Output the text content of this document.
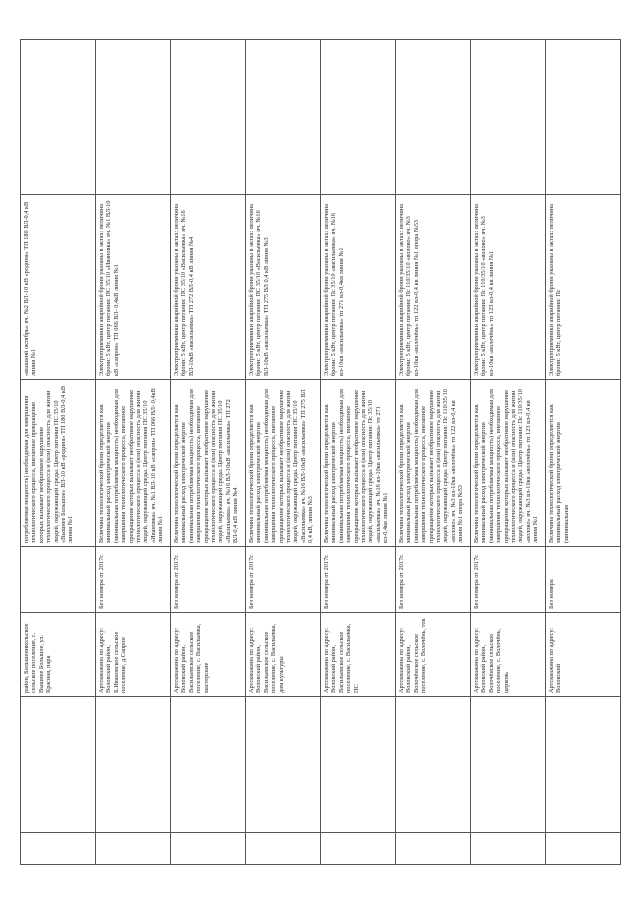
		район, Большеникольское сельское поселение, с. Вышнее Большое, ул. Красная, парк		потребляемая мощность) необходимая для завершения технологического процесса, внезапное прекращение которых вызывает необратимое нарушение технологического процесса и (или) опасность для жизни людей, окружающей среды. Центр питания ПС 35/10 «Вышнее Большое» ВЛ-10 кВ «родина» ТП 180 ВЛ-0,4 кВ линия №1	«вышний октябрь» яч. №2 ВЛ-10 кВ «родина» ТП 180 ВЛ-0,4 кВ линия №1	
		Артскважина по адресу: Воловский район, Б.Ивановское сельское поселение, д.Сапрон	Без номера от 2017г.	Величина технологической брони определяется как минимальный расход электрической энергии (минимальная потребляемая мощность) необходимая для завершения технологического процесса, внезапное прекращение которых вызывает необратимое нарушение технологического процесса и (или) опасность для жизни людей, окружающей среды. Центр питания ПС 35/10 «Ивановка» яч. №1 ВЛ-10 кВ «сапрон» ТП 066 ВЛ- 0,4кВ линия №1	Электроприемники аварийной брони указаны в актах: величина брони: 5 кВт, центр питания: ПС 35/10 «Ивановка» яч. №1 ВЛ-10 кВ «сапрон» ТП 066 ВЛ- 0,4кВ линия №1	
		Артскважина по адресу: Воловский район, Васильевское сельское поселение, с. Васильевка, мастерские	Без номера от 2017г.	Величина технологической брони определяется как минимальный расход электрической энергии (минимальная потребляемая мощность) необходимая для завершения технологического процесса, внезапное прекращение которых вызывает необратимое нарушение технологического процесса и (или) опасность для жизни людей, окружающей среды. Центр питания ПС 35/10 «Васильевка» яч. №16 ВЛ-10кВ «васильевка» ТП 272 ВЛ-0,4 кВ линия №4	Электроприемники аварийной брони указаны в актах: величина брони: 5 кВт, центр питания: ПС 35/10 «Васильевка» яч. №16 ВЛ-10кВ «васильевка» ТП 272 ВЛ-0,4 кВ линия №4	
		Артскважина по адресу: Воловский район, Васильевское сельское поселение, с. Васильевка, дом культуры	Без номера от 2017г.	Величина технологической брони определяется как минимальный расход электрической энергии (минимальная потребляемая мощность) необходимая для завершения технологического процесса, внезапное прекращение которых вызывает необратимое нарушение технологического процесса и (или) опасность для жизни людей, окружающей среды. Центр питания ПС 35/10 «Васильевка» яч. №16 ВЛ-10кВ «васильевка» ТП 275 ВЛ 0,4 кВ, линия №3	Электроприемники аварийной брони указаны в актах: величина брони: 5 кВт, центр питания: ПС 35/10 «Васильевка» яч. №16 ВЛ-10кВ «васильевка» ТП 275 ВЛ 0,4 кВ линия №3	
		Артскважина по адресу: Воловский район, Васильевское сельское поселение, с. Васильевка, ПС	Без номера от 2017г.	Величина технологической брони определяется как минимальный расход электрической энергии (минимальная потребляемая мощность) необходимая для завершения технологического процесса, внезапное прекращение которых вызывает необратимое нарушение технологического процесса и (или) опасность для жизни людей, окружающей среды. Центр питания: Пс 35/10 «васильевка» яч. №16 вл-10кв «васильевка» тп 271 вл-0,4кв линия №1	Электроприемники аварийной брони указаны в актах: величина брони: 5 кВт, центр питания: Пс 35/10 «васильевка» яч. №16 вл-10кв «васильевка» тп 271 вл-0,4кв линия №1	
		Артскважина по адресу: Воловский район, Волочёнское сельское поселение, с. Волочёнь, ток	Без номера от 2017г.	Величина технологической брони определяется как минимальный расход электрической энергии (минимальная потребляемая мощность) необходимая для завершения технологического процесса, внезапное прекращение которых вызывает необратимое нарушение технологического процесса и (или) опасность для жизни людей, окружающей среды. Центр питания: Пс 110/35/10 «волово» яч. №3 вл-10кв «волочёнь» тп 122 вл-0,4 кв линия №1 опора №53	Электроприемники аварийной брони указаны в актах: величина брони: 5 кВт, центр питания: Пс 110/35/10 «волово» яч. №3 вл-10кв «волочёнь» тп 122 вл-0,4 кв линия №1 опора №53	
		Артскважина по адресу: Воловский район, Волочёнское сельское поселение, с. Волочёнь, церковь	Без номера от 2017г.	Величина технологической брони определяется как минимальный расход электрической энергии (минимальная потребляемая мощность) необходимая для завершения технологического процесса, внезапное прекращение которых вызывает необратимое нарушение технологического процесса и (или) опасность для жизни людей, окружающей среды. Центр питания: Пс 110/35/10 «волово» яч. №3 вл-10кв «волочёнь» тп 123 вл-0,4 кв линия №1	Электроприемники аварийной брони указаны в актах: величина брони: 5 кВт, центр питания: Пс 110/35/10 «волово» яч. №3 вл-10кв «волочёнь» тп 123 вл-0,4 кв линия №1	
		Артскважина по адресу: Воловский	Без номера	Величина технологической брони определяется как минимальный расход электрической энергии (минимальная	Электроприемники аварийной брони указаны в актах: величина брони: 5 кВт, центр питания: Пс	
